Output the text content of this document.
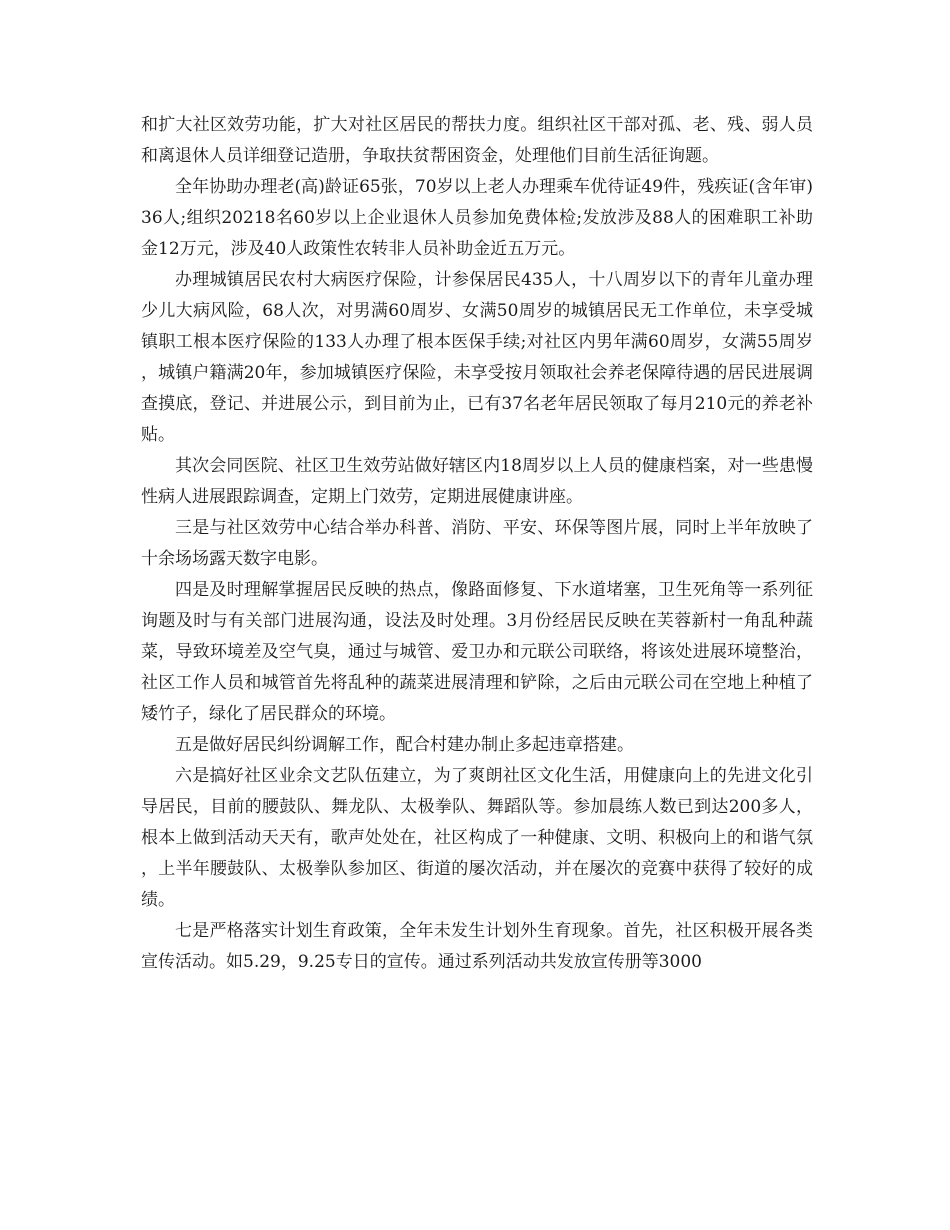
和扩大社区效劳功能，扩大对社区居民的帮扶力度。组织社区干部对孤、老、残、弱人员和离退休人员详细登记造册，争取扶贫帮困资金，处理他们目前生活征询题。

全年协助办理老(高)龄证65张，70岁以上老人办理乘车优待证49件，残疾证(含年审)36人;组织20218名60岁以上企业退休人员参加免费体检;发放涉及88人的困难职工补助金12万元，涉及40人政策性农转非人员补助金近五万元。

办理城镇居民农村大病医疗保险，计参保居民435人，十八周岁以下的青年儿童办理少儿大病风险，68人次，对男满60周岁、女满50周岁的城镇居民无工作单位，未享受城镇职工根本医疗保险的133人办理了根本医保手续;对社区内男年满60周岁，女满55周岁，城镇户籍满20年，参加城镇医疗保险，未享受按月领取社会养老保障待遇的居民进展调查摸底，登记、并进展公示，到目前为止，已有37名老年居民领取了每月210元的养老补贴。

其次会同医院、社区卫生效劳站做好辖区内18周岁以上人员的健康档案，对一些患慢性病人进展跟踪调查，定期上门效劳，定期进展健康讲座。

三是与社区效劳中心结合举办科普、消防、平安、环保等图片展，同时上半年放映了十余场场露天数字电影。

四是及时理解掌握居民反映的热点，像路面修复、下水道堵塞，卫生死角等一系列征询题及时与有关部门进展沟通，设法及时处理。3月份经居民反映在芙蓉新村一角乱种蔬菜，导致环境差及空气臭，通过与城管、爱卫办和元联公司联络，将该处进展环境整治，社区工作人员和城管首先将乱种的蔬菜进展清理和铲除，之后由元联公司在空地上种植了矮竹子，绿化了居民群众的环境。

五是做好居民纠纷调解工作，配合村建办制止多起违章搭建。

六是搞好社区业余文艺队伍建立，为了爽朗社区文化生活，用健康向上的先进文化引导居民，目前的腰鼓队、舞龙队、太极拳队、舞蹈队等。参加晨练人数已到达200多人，根本上做到活动天天有，歌声处处在，社区构成了一种健康、文明、积极向上的和谐气氛，上半年腰鼓队、太极拳队参加区、街道的屡次活动，并在屡次的竞赛中获得了较好的成绩。

七是严格落实计划生育政策，全年未发生计划外生育现象。首先，社区积极开展各类宣传活动。如5.29，9.25专日的宣传。通过系列活动共发放宣传册等3000
